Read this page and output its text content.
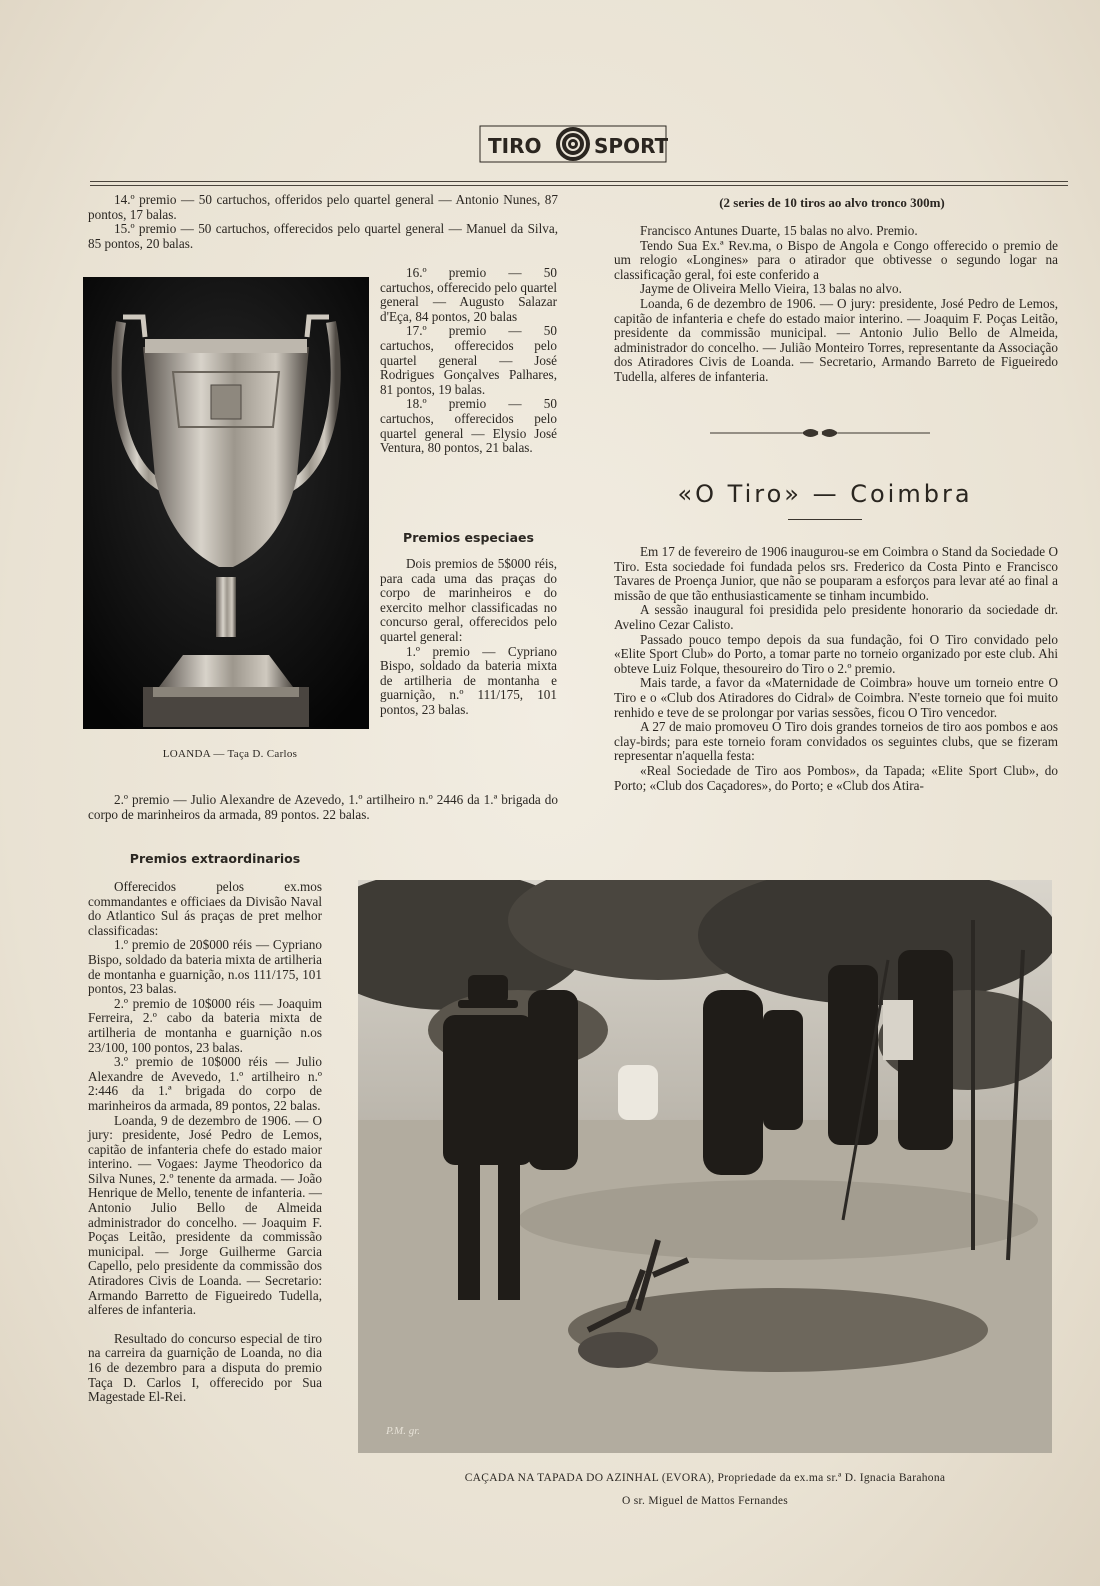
TIRO	SPORT

14.º premio — 50 cartuchos, offeridos pelo quartel general — Antonio Nunes, 87 pontos, 17 balas.

15.º premio — 50 cartuchos, offerecidos pelo quartel general — Manuel da Silva, 85 pontos, 20 balas.

LOANDA — Taça D. Carlos

16.º premio — 50 cartuchos, offerecido pelo quartel general — Augusto Salazar d'Eça, 84 pontos, 20 balas

17.º premio — 50 cartuchos, offerecidos pelo quartel general — José Rodrigues Gonçalves Palhares, 81 pontos, 19 balas.

18.º premio — 50 cartuchos, offerecidos pelo quartel general — Elysio José Ventura, 80 pontos, 21 balas.

Premios especiaes

Dois premios de 5$000 réis, para cada uma das praças do corpo de marinheiros e do exercito melhor classificadas no concurso geral, offerecidos pelo quartel general:

1.º premio — Cypriano Bispo, soldado da bateria mixta de artilheria de montanha e guarnição, n.º 111/175, 101 pontos, 23 balas.

2.º premio — Julio Alexandre de Azevedo, 1.º artilheiro n.º 2446 da 1.ª brigada do corpo de marinheiros da armada, 89 pontos. 22 balas.

Premios extraordinarios

Offerecidos pelos ex.mos commandantes e officiaes da Divisão Naval do Atlantico Sul ás praças de pret melhor classificadas:

1.º premio de 20$000 réis — Cypriano Bispo, soldado da bateria mixta de artilheria de montanha e guarnição, n.os 111/175, 101 pontos, 23 balas.

2.º premio de 10$000 réis — Joaquim Ferreira, 2.º cabo da bateria mixta de artilheria de montanha e guarnição n.os 23/100, 100 pontos, 23 balas.

3.º premio de 10$000 réis — Julio Alexandre de Avevedo, 1.º artilheiro n.º 2:446 da 1.ª brigada do corpo de marinheiros da armada, 89 pontos, 22 balas.

Loanda, 9 de dezembro de 1906. — O jury: presidente, José Pedro de Lemos, capitão de infanteria chefe do estado maior interino. — Vogaes: Jayme Theodorico da Silva Nunes, 2.º tenente da armada. — João Henrique de Mello, tenente de infanteria. — Antonio Julio Bello de Almeida administrador do concelho. — Joaquim F. Poças Leitão, presidente da commissão municipal. — Jorge Guilherme Garcia Capello, pelo presidente da commissão dos Atiradores Civis de Loanda. — Secretario: Armando Barretto de Figueiredo Tudella, alferes de infanteria.

Resultado do concurso especial de tiro na carreira da guarnição de Loanda, no dia 16 de dezembro para a disputa do premio Taça D. Carlos I, offerecido por Sua Magestade El-Rei.

(2 series de 10 tiros ao alvo tronco 300m)

Francisco Antunes Duarte, 15 balas no alvo. Premio.

Tendo Sua Ex.ª Rev.ma, o Bispo de Angola e Congo offerecido o premio de um relogio «Longines» para o atirador que obtivesse o segundo logar na classificação geral, foi este conferido a

Jayme de Oliveira Mello Vieira, 13 balas no alvo.

Loanda, 6 de dezembro de 1906. — O jury: presidente, José Pedro de Lemos, capitão de infanteria e chefe do estado maior interino. — Joaquim F. Poças Leitão, presidente da commissão municipal. — Antonio Julio Bello de Almeida, administrador do concelho. — Julião Monteiro Torres, representante da Associação dos Atiradores Civis de Loanda. — Secretario, Armando Barreto de Figueiredo Tudella, alferes de infanteria.

«O Tiro» — Coimbra

Em 17 de fevereiro de 1906 inaugurou-se em Coimbra o Stand da Sociedade O Tiro. Esta sociedade foi fundada pelos srs. Frederico da Costa Pinto e Francisco Tavares de Proença Junior, que não se pouparam a esforços para levar até ao final a missão de que tão enthusiasticamente se tinham incumbido.

A sessão inaugural foi presidida pelo presidente honorario da sociedade dr. Avelino Cezar Calisto.

Passado pouco tempo depois da sua fundação, foi O Tiro convidado pelo «Elite Sport Club» do Porto, a tomar parte no torneio organizado por este club. Ahi obteve Luiz Folque, thesoureiro do Tiro o 2.º premio.

Mais tarde, a favor da «Maternidade de Coimbra» houve um torneio entre O Tiro e o «Club dos Atiradores do Cidral» de Coimbra. N'este torneio que foi muito renhido e teve de se prolongar por varias sessões, ficou O Tiro vencedor.

A 27 de maio promoveu O Tiro dois grandes torneios de tiro aos pombos e aos clay-birds; para este torneio foram convidados os seguintes clubs, que se fizeram representar n'aquella festa:

«Real Sociedade de Tiro aos Pombos», da Tapada; «Elite Sport Club», do Porto; «Club dos Caçadores», do Porto; e «Club dos Atira-

P.M. gr.
CAÇADA NA TAPADA DO AZINHAL (EVORA), Propriedade da ex.ma sr.ª D. Ignacia Barahona
O sr. Miguel de Mattos Fernandes
